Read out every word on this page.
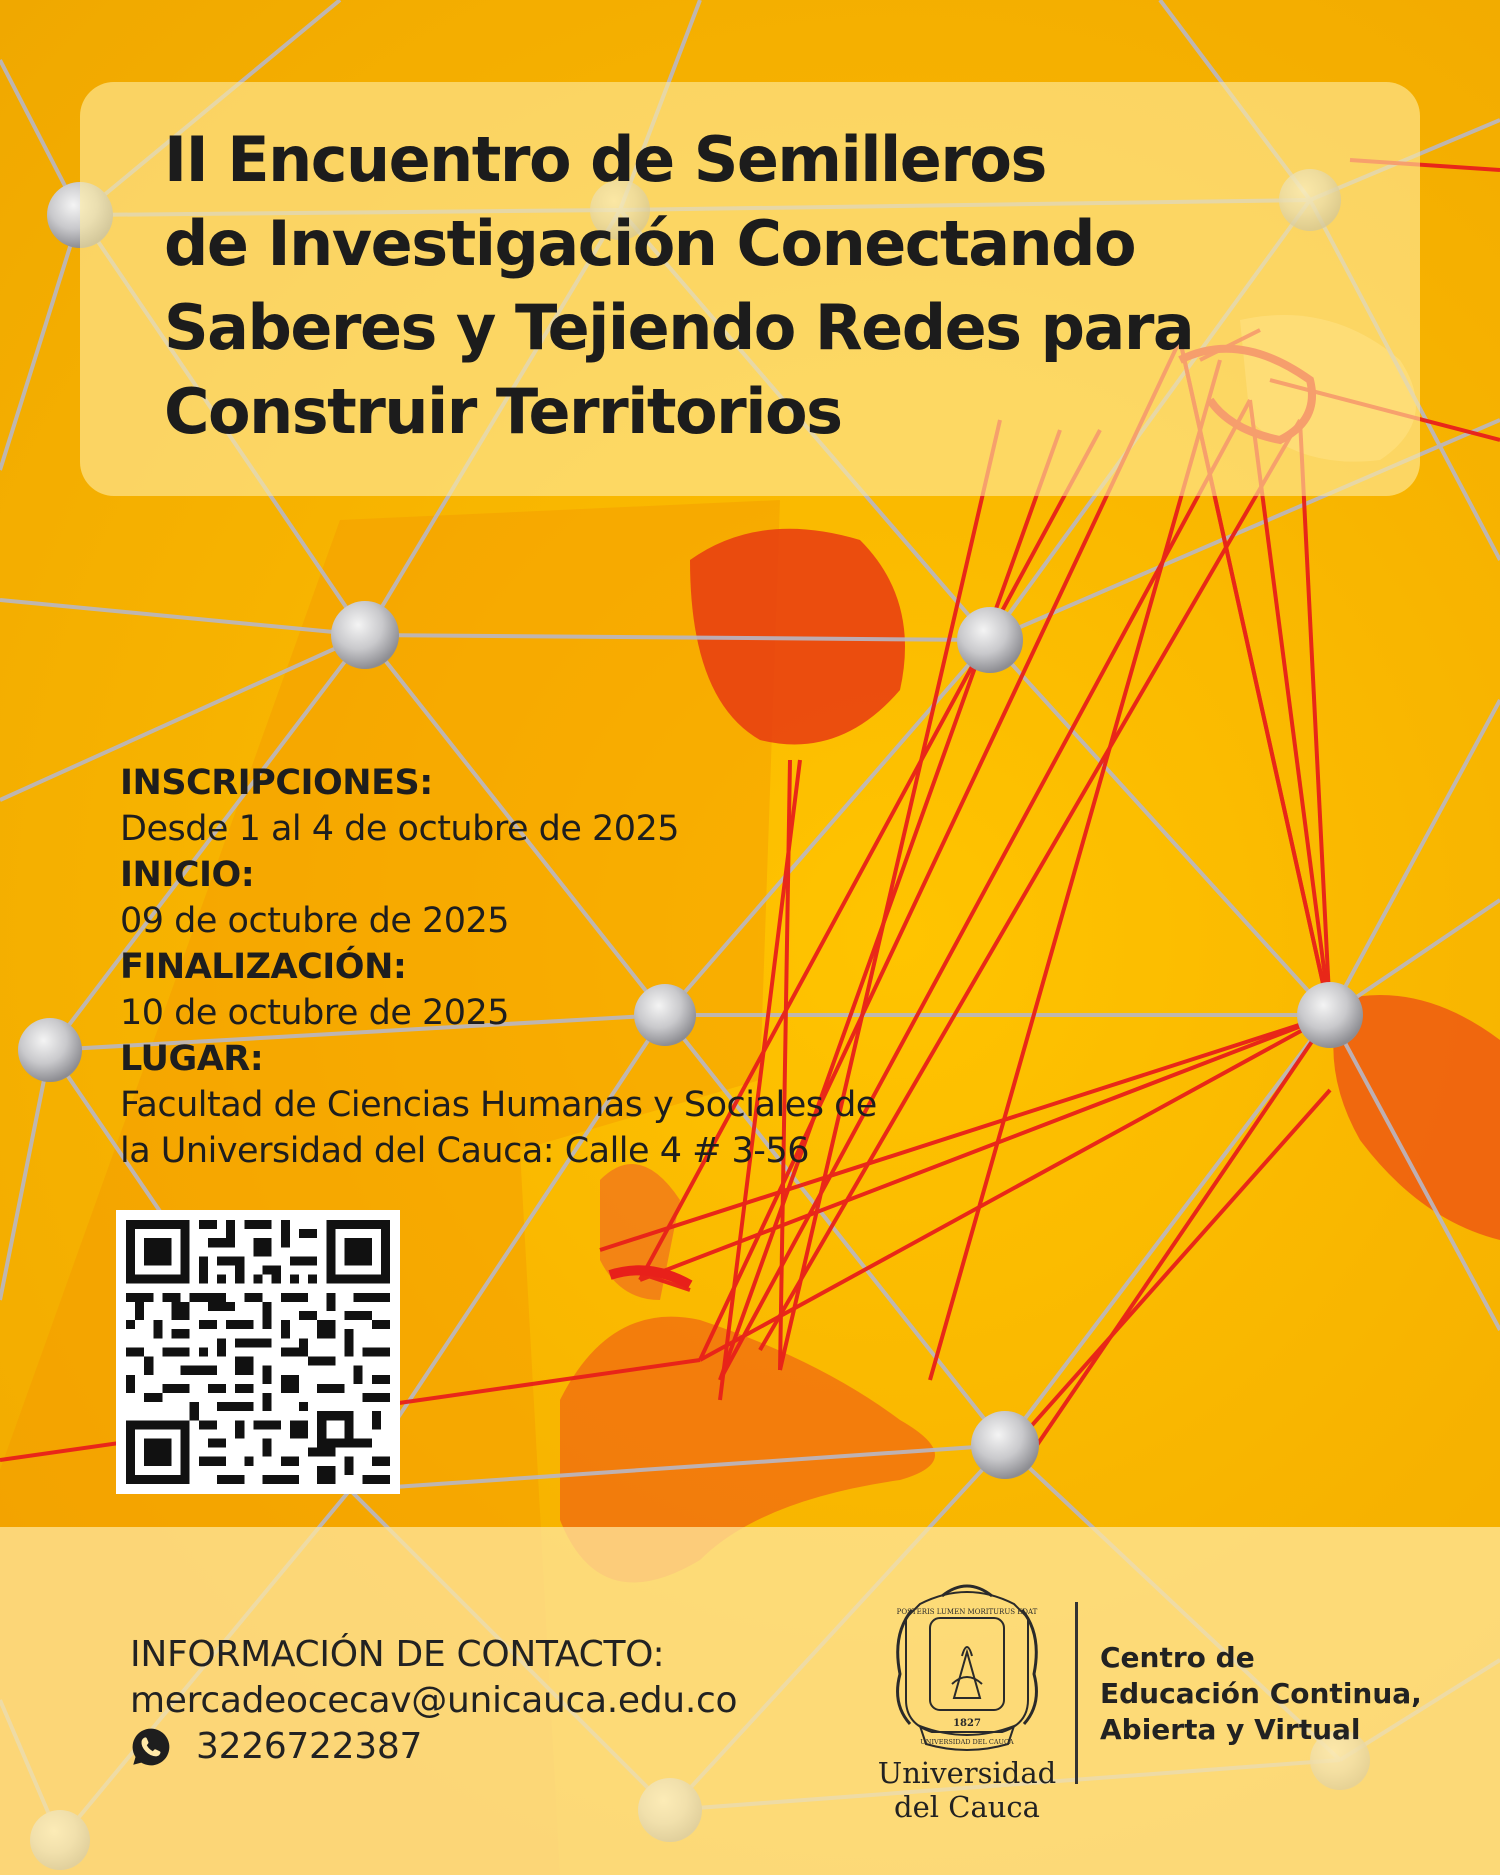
II Encuentro de Semilleros
de Investigación Conectando
Saberes y Tejiendo Redes para
Construir Territorios
INSCRIPCIONES:
Desde 1 al 4 de octubre de 2025
INICIO:
09 de octubre de 2025
FINALIZACIÓN:
10 de octubre de 2025
LUGAR:
Facultad de Ciencias Humanas y Sociales de
la Universidad del Cauca: Calle 4 # 3-56
INFORMACIÓN DE CONTACTO:
mercadeocecav@unicauca.edu.co
3226722387
POSTERIS LUMEN MORITURUS EDAT
1827
UNIVERSIDAD DEL CAUCA
Universidad
del Cauca
Centro de
Educación Continua,
Abierta y Virtual
